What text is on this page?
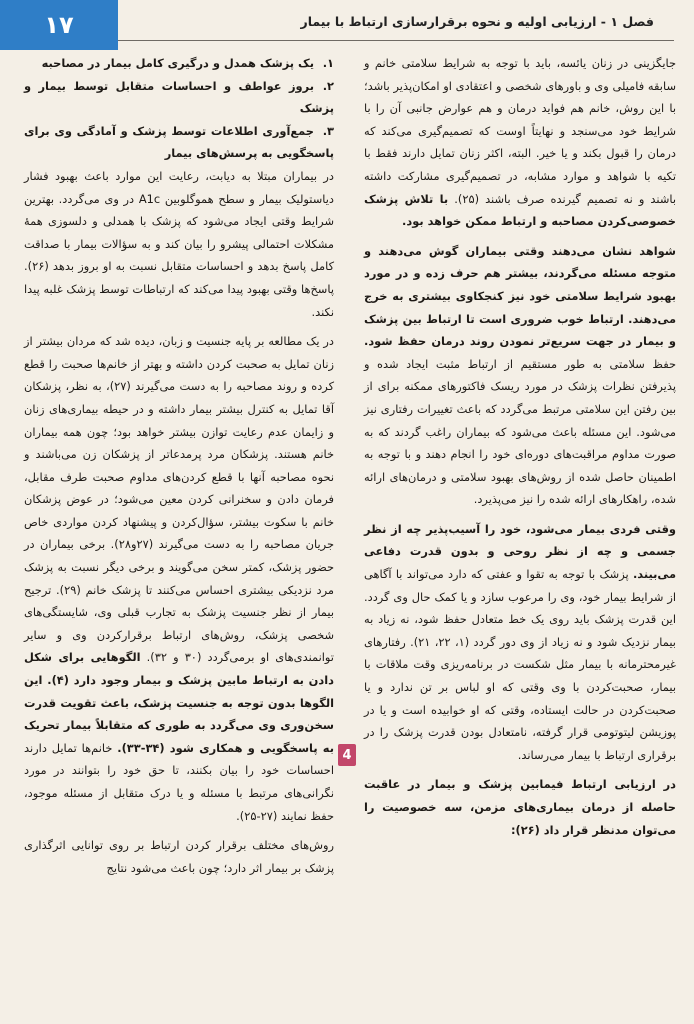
۱۷	فصل ۱ - ارزیابی اولیه و نحوه برقرارسازی ارتباط با بیمار

جایگزینی در زنان یائسه، باید با توجه به شرایط سلامتی خانم و سابقه فامیلی وی و باورهای شخصی و اعتقادی او امکان‌پذیر باشد؛ با این روش، خانم هم فواید درمان و هم عوارض جانبی آن را با شرایط خود می‌سنجد و نهایتاً اوست که تصمیم‌گیری می‌کند که درمان را قبول بکند و یا خیر. البته، اکثر زنان تمایل دارند فقط با تکیه با شواهد و موارد مشابه، در تصمیم‌گیری مشارکت داشته باشند و نه تصمیم گیرنده صرف باشند (۲۵). با تلاش پزشک خصوصی‌کردن مصاحبه و ارتباط ممکن خواهد بود.

شواهد نشان می‌دهند وقتی بیماران گوش می‌دهند و متوجه مسئله می‌گردند، بیشتر هم حرف زده و در مورد بهبود شرایط سلامتی خود نیز کنجکاوی بیشتری به خرج می‌دهند. ارتباط خوب ضروری است تا ارتباط بین پزشک و بیمار در جهت سریع‌تر نمودن روند درمان حفظ شود. حفظ سلامتی به طور مستقیم از ارتباط مثبت ایجاد شده و پذیرفتن نظرات پزشک در مورد ریسک فاکتورهای ممکنه برای از بین رفتن این سلامتی مرتبط می‌گردد که باعث تغییرات رفتاری نیز می‌شود. این مسئله باعث می‌شود که بیماران راغب گردند که به صورت مداوم مراقبت‌های دوره‌ای خود را انجام دهند و با توجه به اطمینان حاصل شده از روش‌های بهبود سلامتی و درمان‌های ارائه شده، راهکارهای ارائه شده را نیز می‌پذیرد.

وقتی فردی بیمار می‌شود، خود را آسیب‌پذیر چه از نظر جسمی و چه از نظر روحی و بدون قدرت دفاعی می‌بیند. پزشک با توجه به تقوا و عفتی که دارد می‌تواند با آگاهی از شرایط بیمار خود، وی را مرعوب سازد و یا کمک حال وی گردد. این قدرت پزشک باید روی یک خط متعادل حفظ شود، نه زیاد به بیمار نزدیک شود و نه زیاد از وی دور گردد (۱، ۲۲، ۲۱). رفتارهای غیرمحترمانه با بیمار مثل شکست در برنامه‌ریزی وقت ملاقات با بیمار، صحبت‌کردن با وی وقتی که او لباس بر تن ندارد و یا صحبت‌کردن در حالت ایستاده، وقتی که او خوابیده است و یا در پوزیشن لیتوتومی قرار گرفته، نامتعادل بودن قدرت پزشک را در برقراری ارتباط با بیمار می‌رساند.

در ارزیابی ارتباط فیمابین پزشک و بیمار در عاقبت حاصله از درمان بیماری‌های مزمن، سه خصوصیت را می‌توان مدنظر قرار داد (۲۶):

۱.یک پزشک همدل و درگیری کامل بیمار در مصاحبه
۲.بروز عواطف و احساسات متقابل توسط بیمار و پزشک
۳.جمع‌آوری اطلاعات توسط پزشک و آمادگی وی برای پاسخگویی به پرسش‌های بیمار

در بیماران مبتلا به دیابت، رعایت این موارد باعث بهبود فشار دیاستولیک بیمار و سطح هموگلوبین A1c در وی می‌گردد. بهترین شرایط وقتی ایجاد می‌شود که پزشک با همدلی و دلسوزی همهٔ مشکلات احتمالی پیشرو را بیان کند و به سؤالات بیمار با صداقت کامل پاسخ بدهد و احساسات متقابل نسبت به او بروز بدهد (۲۶). پاسخ‌ها وقتی بهبود پیدا می‌کند که ارتباطات توسط پزشک غلبه پیدا نکند.

در یک مطالعه بر پایه جنسیت و زبان، دیده شد که مردان بیشتر از زنان تمایل به صحبت کردن داشته و بهتر از خانم‌ها صحبت را قطع کرده و روند مصاحبه را به دست می‌گیرند (۲۷)، به نظر، پزشکان آقا تمایل به کنترل بیشتر بیمار داشته و در حیطه بیماری‌های زنان و زایمان عدم رعایت توازن بیشتر خواهد بود؛ چون همه بیماران خانم هستند. پزشکان مرد پرمدعاتر از پزشکان زن می‌باشند و نحوه مصاحبه آنها با قطع کردن‌های مداوم صحبت طرف مقابل، فرمان دادن و سخنرانی کردن معین می‌شود؛ در عوض پزشکان خانم با سکوت بیشتر، سؤال‌کردن و پیشنهاد کردن مواردی خاص جریان مصاحبه را به دست می‌گیرند (۲۷و۲۸). برخی بیماران در حضور پزشک، کمتر سخن می‌گویند و برخی دیگر نسبت به پزشک مرد نزدیکی بیشتری احساس می‌کنند تا پزشک خانم (۲۹). ترجیح بیمار از نظر جنسیت پزشک به تجارب قبلی وی، شایستگی‌های شخصی پزشک، روش‌های ارتباط برقرارکردن وی و سایر توانمندی‌های او برمی‌گردد (۳۰ و ۳۲). الگوهایی برای شکل دادن به ارتباط مابین پزشک و بیمار وجود دارد (۴). این الگوها بدون توجه به جنسیت پزشک، باعث تقویت قدرت سخن‌وری وی می‌گردد به طوری که متقابلاً بیمار تحریک به پاسخگویی و همکاری شود (۳۴-۳۳). خانم‌ها تمایل دارند احساسات خود را بیان بکنند، تا حق خود را بتوانند در مورد نگرانی‌های مرتبط با مسئله و یا درک متقابل از مسئله موجود، حفظ نمایند (۲۷-۲۵).

روش‌های مختلف برقرار کردن ارتباط بر روی توانایی اثرگذاری پزشک بر بیمار اثر دارد؛ چون باعث می‌شود نتایج

4
